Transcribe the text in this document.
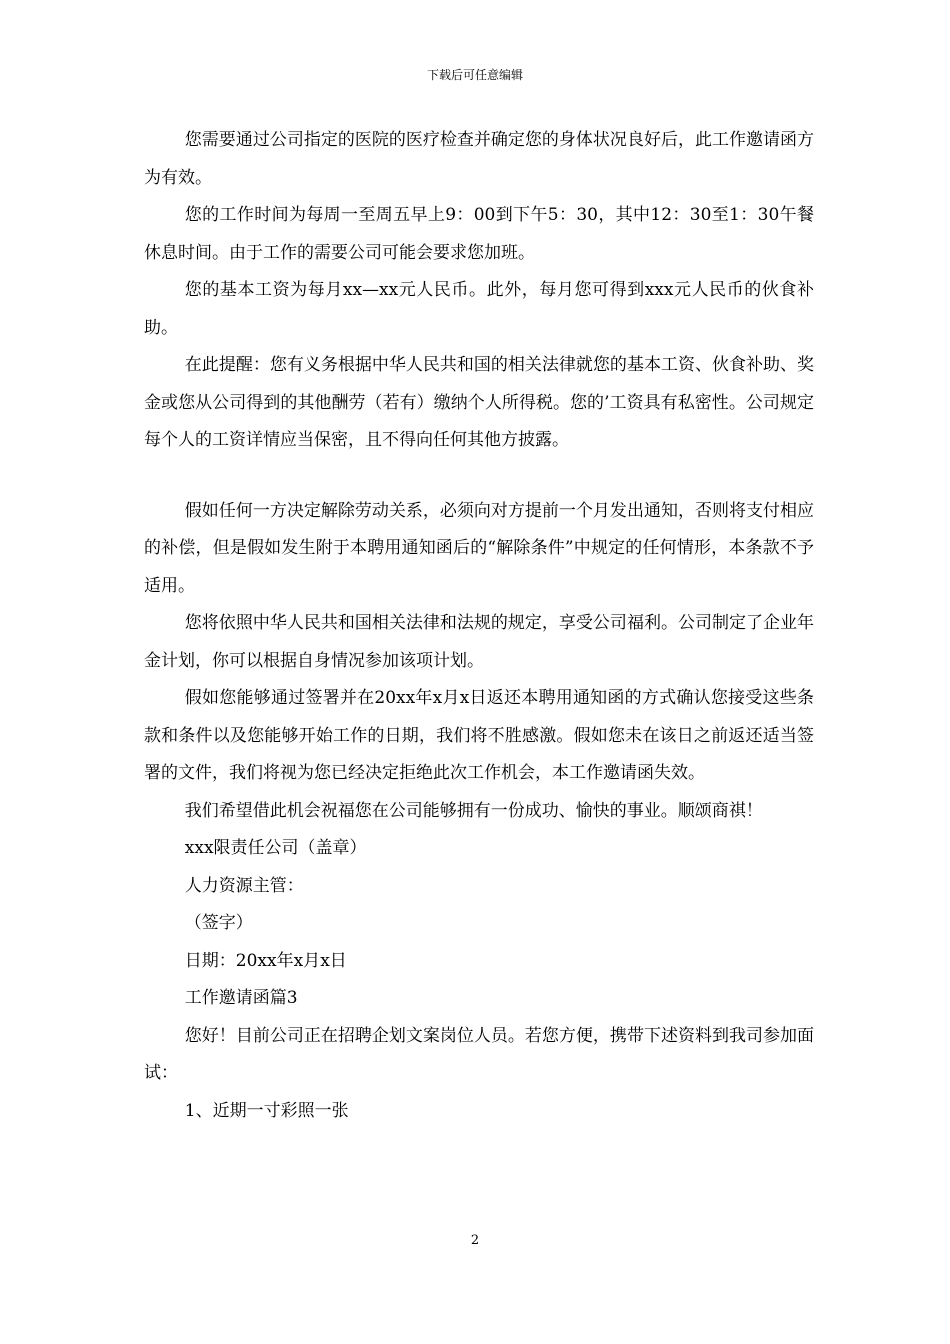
下载后可任意编辑

您需要通过公司指定的医院的医疗检查并确定您的身体状况良好后，此工作邀请函方为有效。

您的工作时间为每周一至周五早上9：00到下午5：30，其中12：30至1：30午餐休息时间。由于工作的需要公司可能会要求您加班。

您的基本工资为每月xx—xx元人民币。此外，每月您可得到xxx元人民币的伙食补助。

在此提醒：您有义务根据中华人民共和国的相关法律就您的基本工资、伙食补助、奖金或您从公司得到的其他酬劳（若有）缴纳个人所得税。您的’工资具有私密性。公司规定每个人的工资详情应当保密，且不得向任何其他方披露。

假如任何一方决定解除劳动关系，必须向对方提前一个月发出通知，否则将支付相应的补偿，但是假如发生附于本聘用通知函后的“解除条件”中规定的任何情形，本条款不予适用。

您将依照中华人民共和国相关法律和法规的规定，享受公司福利。公司制定了企业年金计划，你可以根据自身情况参加该项计划。

假如您能够通过签署并在20xx年x月x日返还本聘用通知函的方式确认您接受这些条款和条件以及您能够开始工作的日期，我们将不胜感激。假如您未在该日之前返还适当签署的文件，我们将视为您已经决定拒绝此次工作机会，本工作邀请函失效。

我们希望借此机会祝福您在公司能够拥有一份成功、愉快的事业。顺颂商祺！

xxx限责任公司（盖章）

人力资源主管：

（签字）

日期：20xx年x月x日

工作邀请函篇3

您好！目前公司正在招聘企划文案岗位人员。若您方便，携带下述资料到我司参加面试：

1、近期一寸彩照一张

2
